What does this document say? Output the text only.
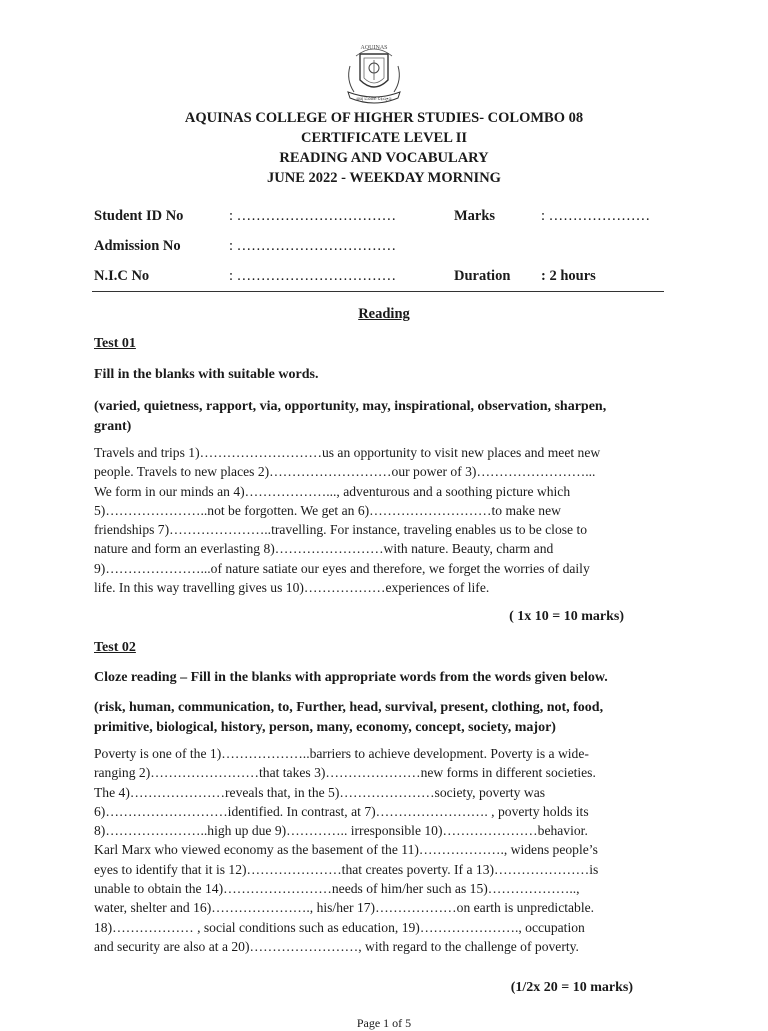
AQUINAS
ප්‍රඥා ව්‍යාප්ති විද්‍යාලය
AQUINAS COLLEGE OF HIGHER STUDIES- COLOMBO 08
CERTIFICATE LEVEL II
READING AND VOCABULARY
JUNE 2022 - WEEKDAY MORNING
Student ID No	: ……………………………	Marks	: …………………
Admission No	: ……………………………
N.I.C No	: ……………………………	Duration : 2 hours
Reading
Test 01
Fill in the blanks with suitable words.
(varied, quietness, rapport, via, opportunity, may, inspirational, observation, sharpen, grant)
Travels and trips 1)………………………us an opportunity to visit new places and meet new
people. Travels to new places 2)………………………our power of 3)……………………...
We form in our minds an 4)………………..., adventurous and a soothing picture which
5)…………………..not be forgotten. We get an 6)………………………to make new
friendships 7)…………………..travelling. For instance, traveling enables us to be close to
nature and form an everlasting 8)……………………with nature. Beauty, charm and
9)…………………...of nature satiate our eyes and therefore, we forget the worries of daily
life. In this way travelling gives us 10)………………experiences of life.
( 1x 10 = 10 marks)
Test 02
Cloze reading – Fill in the blanks with appropriate words from the words given below.
(risk, human, communication, to, Further, head, survival, present, clothing, not, food, primitive, biological, history, person, many, economy, concept, society, major)
Poverty is one of the 1)………………..barriers to achieve development. Poverty is a wide-
ranging 2)……………………that takes 3)…………………new forms in different societies.
The 4)…………………reveals that, in the 5)…………………society, poverty was
6)………………………identified. In contrast, at 7)……………………. , poverty holds its
8)…………………..high up due 9)………….. irresponsible 10)…………………behavior.
Karl Marx who viewed economy as the basement of the 11)………………., widens people’s
eyes to identify that it is 12)…………………that creates poverty. If a 13)…………………is
unable to obtain the 14)……………………needs of him/her such as 15)………………..,
water, shelter and 16)…………………., his/her 17)………………on earth is unpredictable.
18)……………… , social conditions such as education, 19)…………………., occupation
and security are also at a 20)……………………, with regard to the challenge of poverty.
(1/2x 20 = 10 marks)
Page 1 of 5
